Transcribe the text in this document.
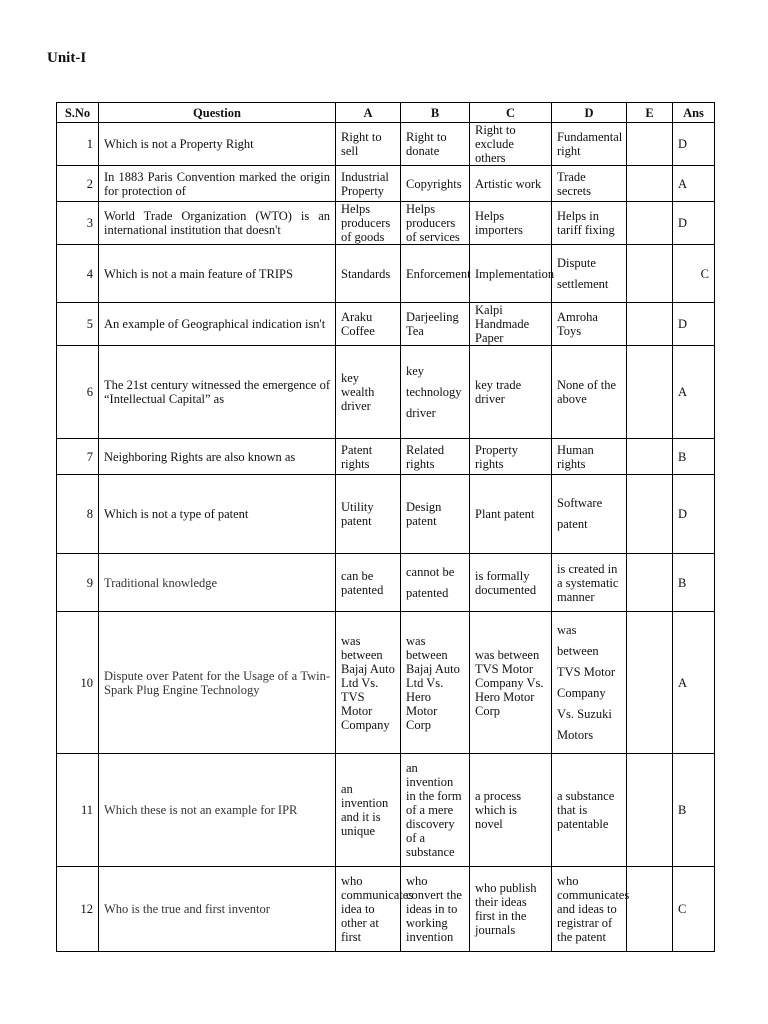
Unit-I
S.No	Question	A	B	C	D	E	Ans
1	Which is not a Property Right	Right to sell	Right to donate	Right to exclude others	Fundamental right		D
2	In 1883 Paris Convention marked the origin for protection of	Industrial Property	Copyrights	Artistic work	Trade secrets		A
3	World Trade Organization (WTO) is an international institution that doesn't	Helps producers of goods	Helps producers of services	Helps importers	Helps in tariff fixing		D
4	Which is not a main feature of TRIPS	Standards	Enforcement	Implementation	Dispute settlement		C
5	An example of Geographical indication isn't	Araku Coffee	Darjeeling Tea	Kalpi Handmade Paper	Amroha Toys		D
6	The 21st century witnessed the emergence of “Intellectual Capital” as	key wealth driver	key technology driver	key trade driver	None of the above		A
7	Neighboring Rights are also known as	Patent rights	Related rights	Property rights	Human rights		B
8	Which is not a type of patent	Utility patent	Design patent	Plant patent	Software patent		D
9	Traditional knowledge	can be patented	cannot be patented	is formally documented	is created in a systematic manner		B
10	Dispute over Patent for the Usage of a Twin-Spark Plug Engine Technology	was between Bajaj Auto Ltd Vs. TVS Motor Company	was between Bajaj Auto Ltd Vs. Hero Motor Corp	was between TVS Motor Company Vs. Hero Motor Corp	was between TVS Motor Company Vs. Suzuki Motors		A
11	Which these is not an example for IPR	an invention and it is unique	an invention in the form of a mere discovery of a substance	a process which is novel	a substance that is patentable		B
12	Who is the true and first inventor	who communicates idea to other at first	who convert the ideas in to working invention	who publish their ideas first in the journals	who communicates and ideas to registrar of the patent		C
